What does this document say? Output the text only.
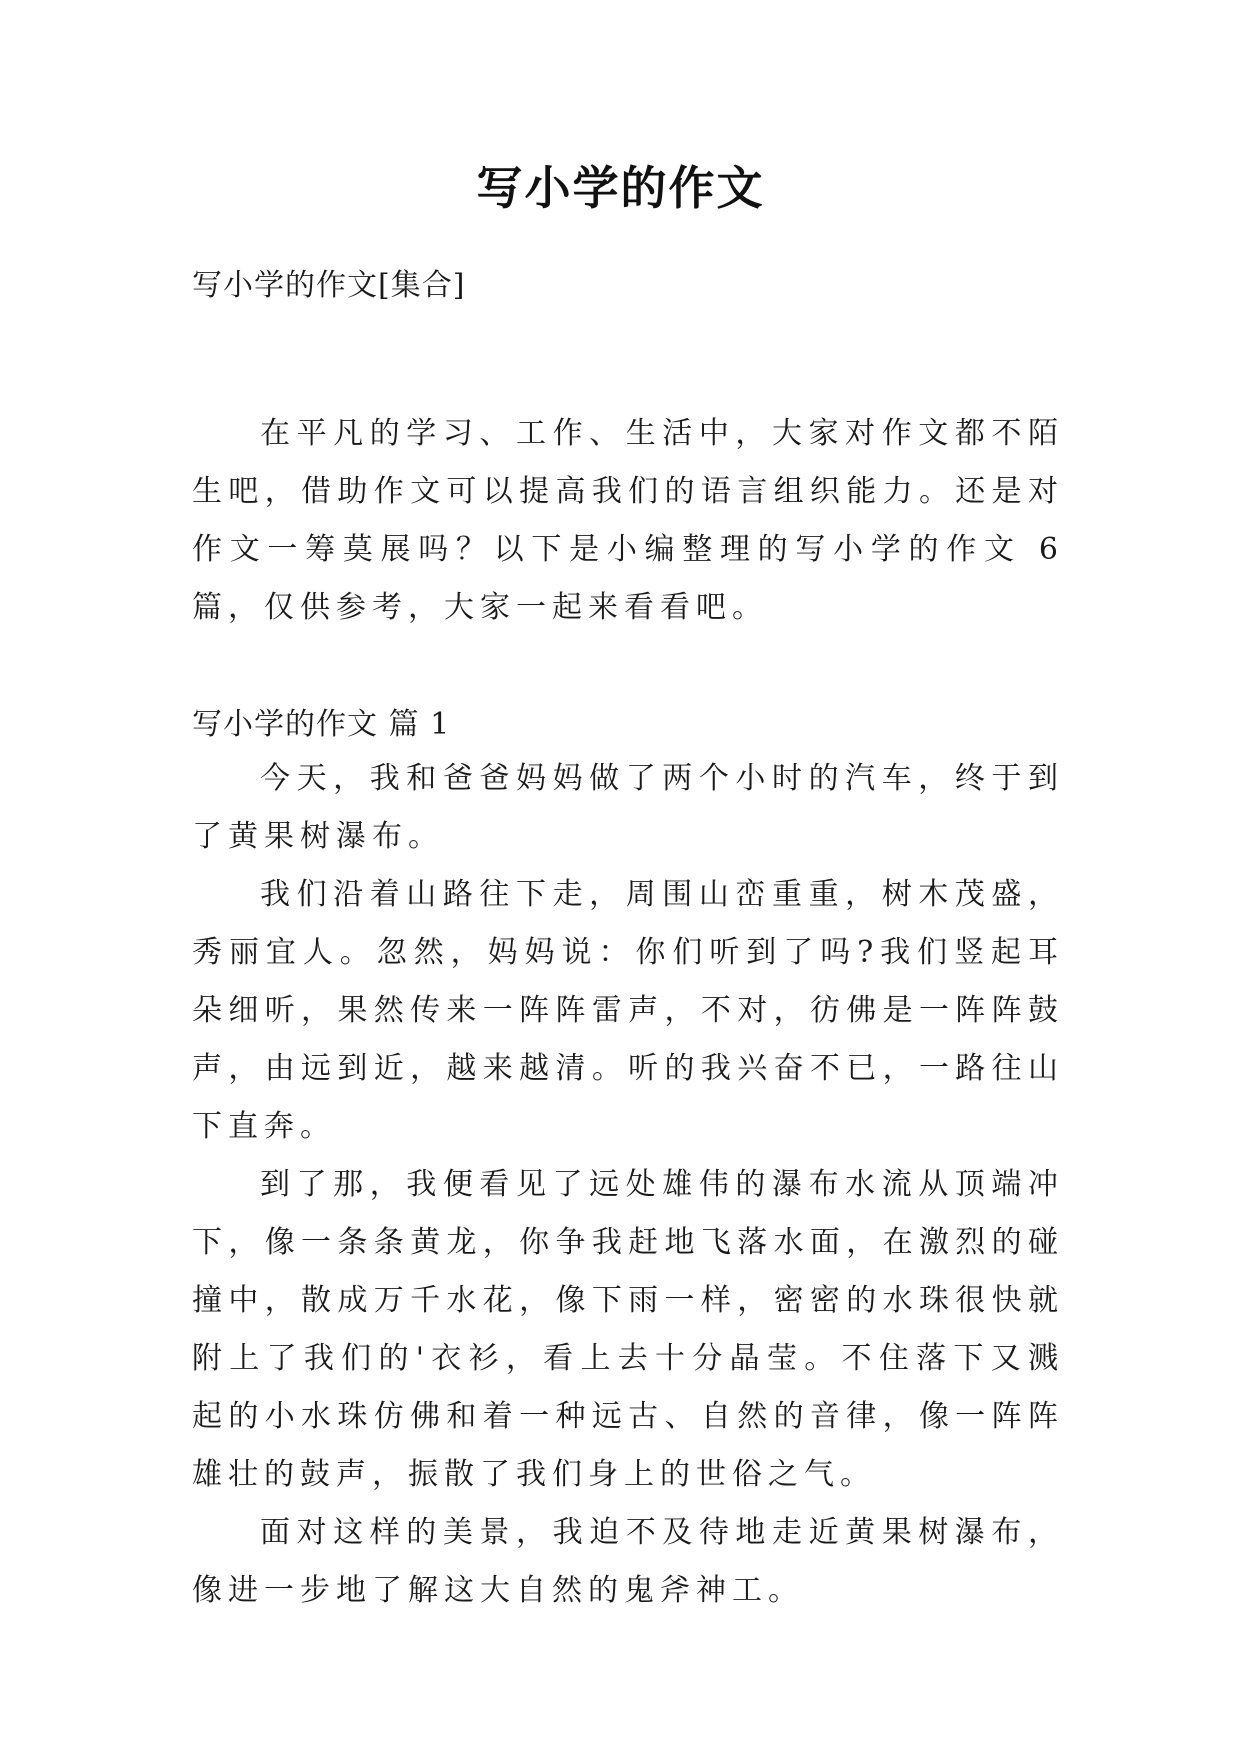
写小学的作文

写小学的作文[集合]

在平凡的学习、工作、生活中，大家对作文都不陌生吧，借助作文可以提高我们的语言组织能力。还是对作文一筹莫展吗？以下是小编整理的写小学的作文 6 篇，仅供参考，大家一起来看看吧。

写小学的作文 篇 1

今天，我和爸爸妈妈做了两个小时的汽车，终于到了黄果树瀑布。

我们沿着山路往下走，周围山峦重重，树木茂盛，秀丽宜人。忽然，妈妈说：你们听到了吗?我们竖起耳朵细听，果然传来一阵阵雷声，不对，彷佛是一阵阵鼓声，由远到近，越来越清。听的我兴奋不已，一路往山下直奔。

到了那，我便看见了远处雄伟的瀑布水流从顶端冲下，像一条条黄龙，你争我赶地飞落水面，在激烈的碰撞中，散成万千水花，像下雨一样，密密的水珠很快就附上了我们的'衣衫，看上去十分晶莹。不住落下又溅起的小水珠仿佛和着一种远古、自然的音律，像一阵阵雄壮的鼓声，振散了我们身上的世俗之气。

面对这样的美景，我迫不及待地走近黄果树瀑布，像进一步地了解这大自然的鬼斧神工。
